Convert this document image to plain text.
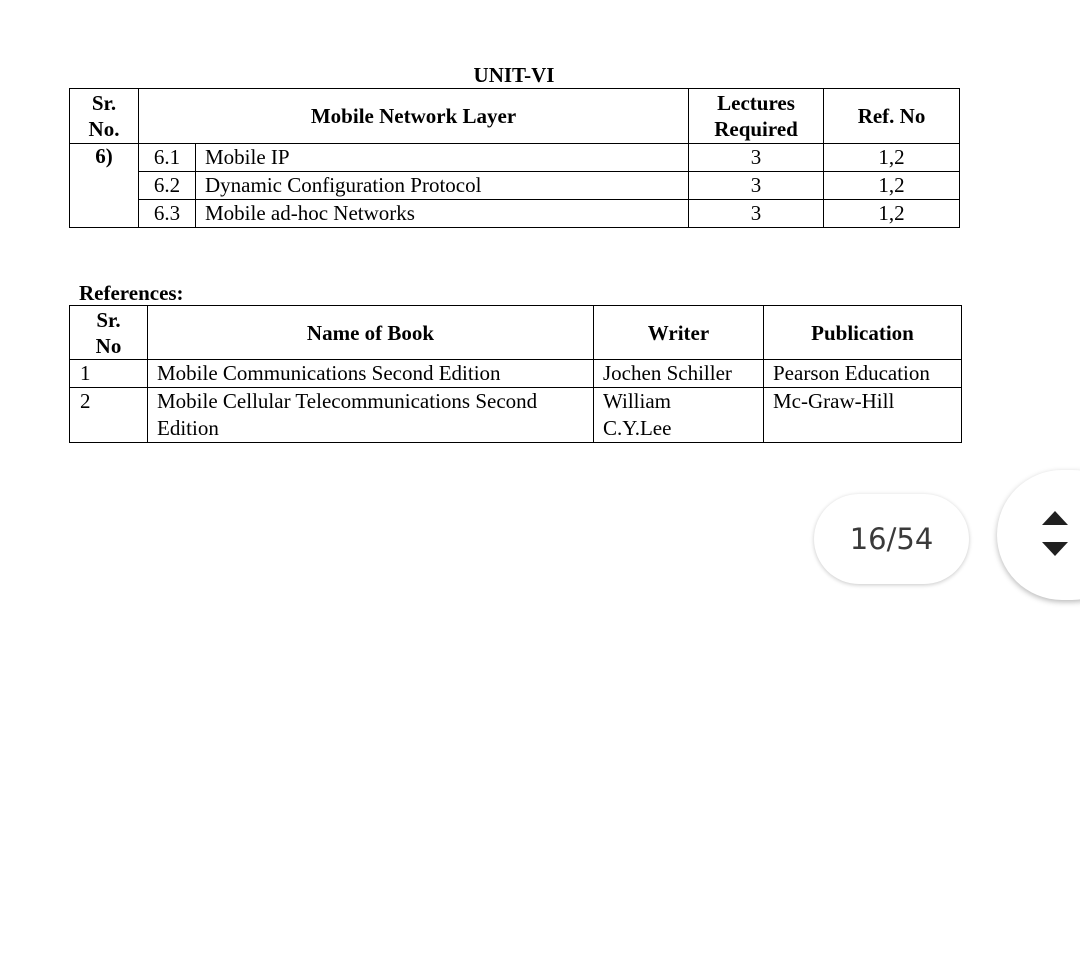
UNIT-VI
Sr. No.	Mobile Network Layer		Lectures Required	Ref. No
6)	6.1	Mobile IP	3	1,2
	6.2	Dynamic Configuration Protocol	3	1,2
	6.3	Mobile ad-hoc Networks	3	1,2
References:
Sr. No	Name of Book	Writer	Publication
1	Mobile Communications Second Edition	Jochen Schiller	Pearson Education
2	Mobile Cellular Telecommunications Second Edition	William C.Y.Lee	Mc-Graw-Hill
16/54
